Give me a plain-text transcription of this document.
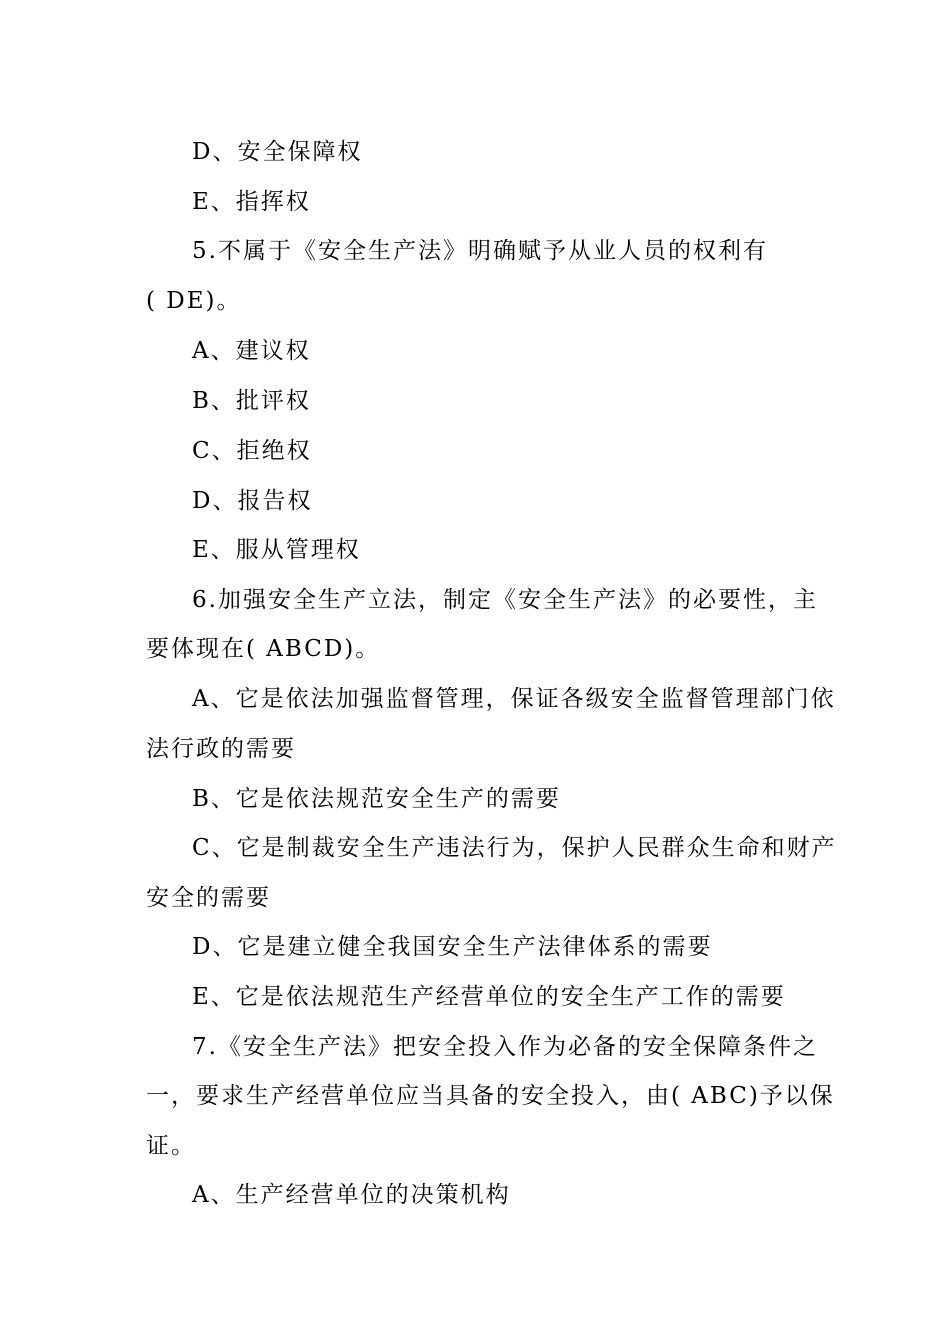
D、安全保障权
E、指挥权
5.不属于《安全生产法》明确赋予从业人员的权利有
( DE)。
A、建议权
B、批评权
C、拒绝权
D、报告权
E、服从管理权
6.加强安全生产立法，制定《安全生产法》的必要性，主
要体现在( ABCD)。
A、它是依法加强监督管理，保证各级安全监督管理部门依
法行政的需要
B、它是依法规范安全生产的需要
C、它是制裁安全生产违法行为，保护人民群众生命和财产
安全的需要
D、它是建立健全我国安全生产法律体系的需要
E、它是依法规范生产经营单位的安全生产工作的需要
7.《安全生产法》把安全投入作为必备的安全保障条件之
一，要求生产经营单位应当具备的安全投入，由( ABC)予以保
证。
A、生产经营单位的决策机构
